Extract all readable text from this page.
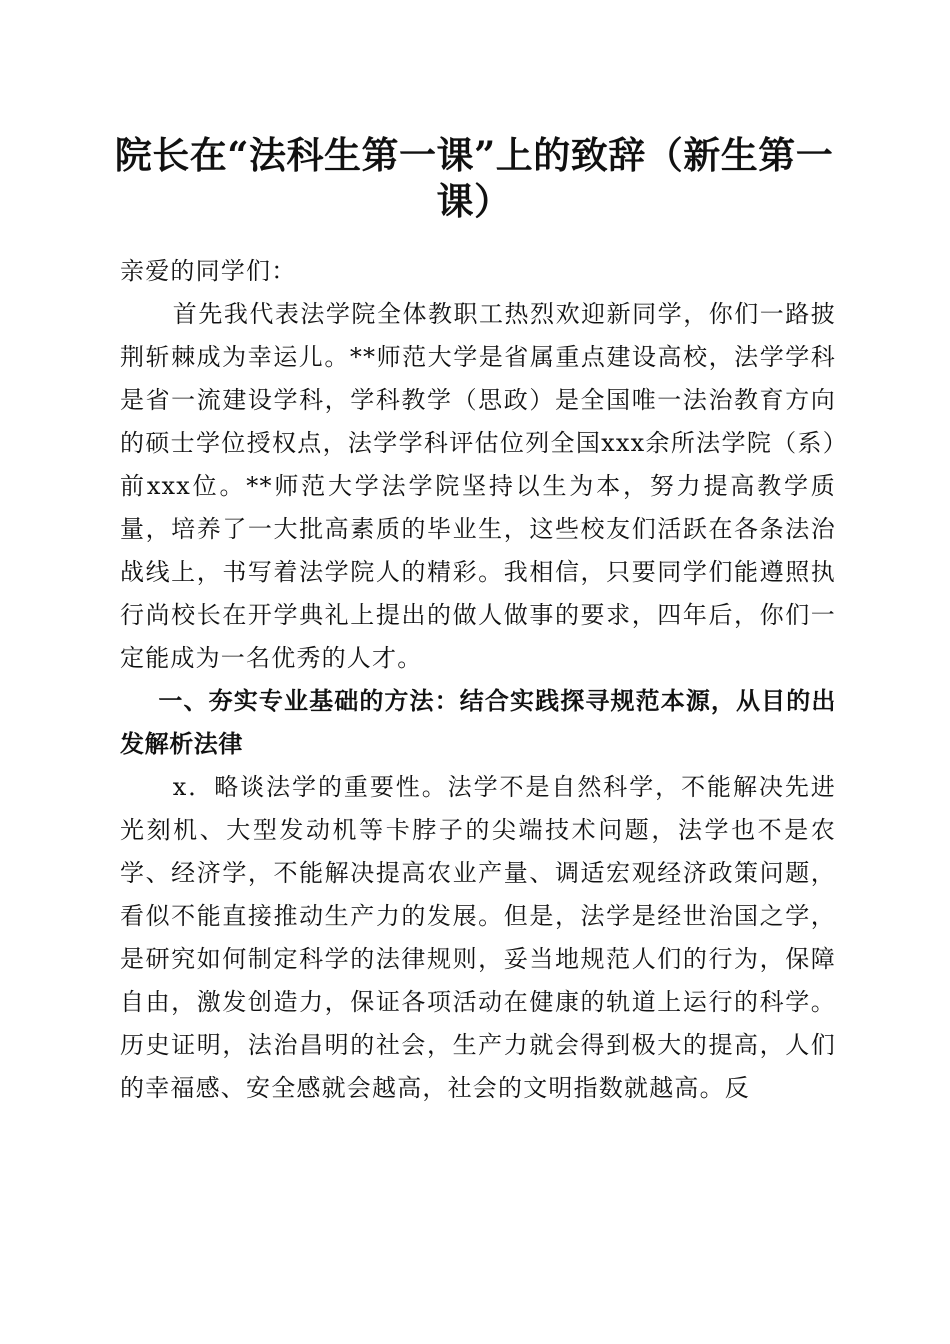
院长在“法科生第一课”上的致辞（新生第一课）

亲爱的同学们：

首先我代表法学院全体教职工热烈欢迎新同学，你们一路披荆斩棘成为幸运儿。**师范大学是省属重点建设高校，法学学科是省一流建设学科，学科教学（思政）是全国唯一法治教育方向的硕士学位授权点，法学学科评估位列全国xxx余所法学院（系）前xxx位。**师范大学法学院坚持以生为本，努力提高教学质量，培养了一大批高素质的毕业生，这些校友们活跃在各条法治战线上，书写着法学院人的精彩。我相信，只要同学们能遵照执行尚校长在开学典礼上提出的做人做事的要求，四年后，你们一定能成为一名优秀的人才。

一、夯实专业基础的方法：结合实践探寻规范本源，从目的出发解析法律

x．略谈法学的重要性。法学不是自然科学，不能解决先进光刻机、大型发动机等卡脖子的尖端技术问题，法学也不是农学、经济学，不能解决提高农业产量、调适宏观经济政策问题，看似不能直接推动生产力的发展。但是，法学是经世治国之学，是研究如何制定科学的法律规则，妥当地规范人们的行为，保障自由，激发创造力，保证各项活动在健康的轨道上运行的科学。历史证明，法治昌明的社会，生产力就会得到极大的提高，人们的幸福感、安全感就会越高，社会的文明指数就越高。反
